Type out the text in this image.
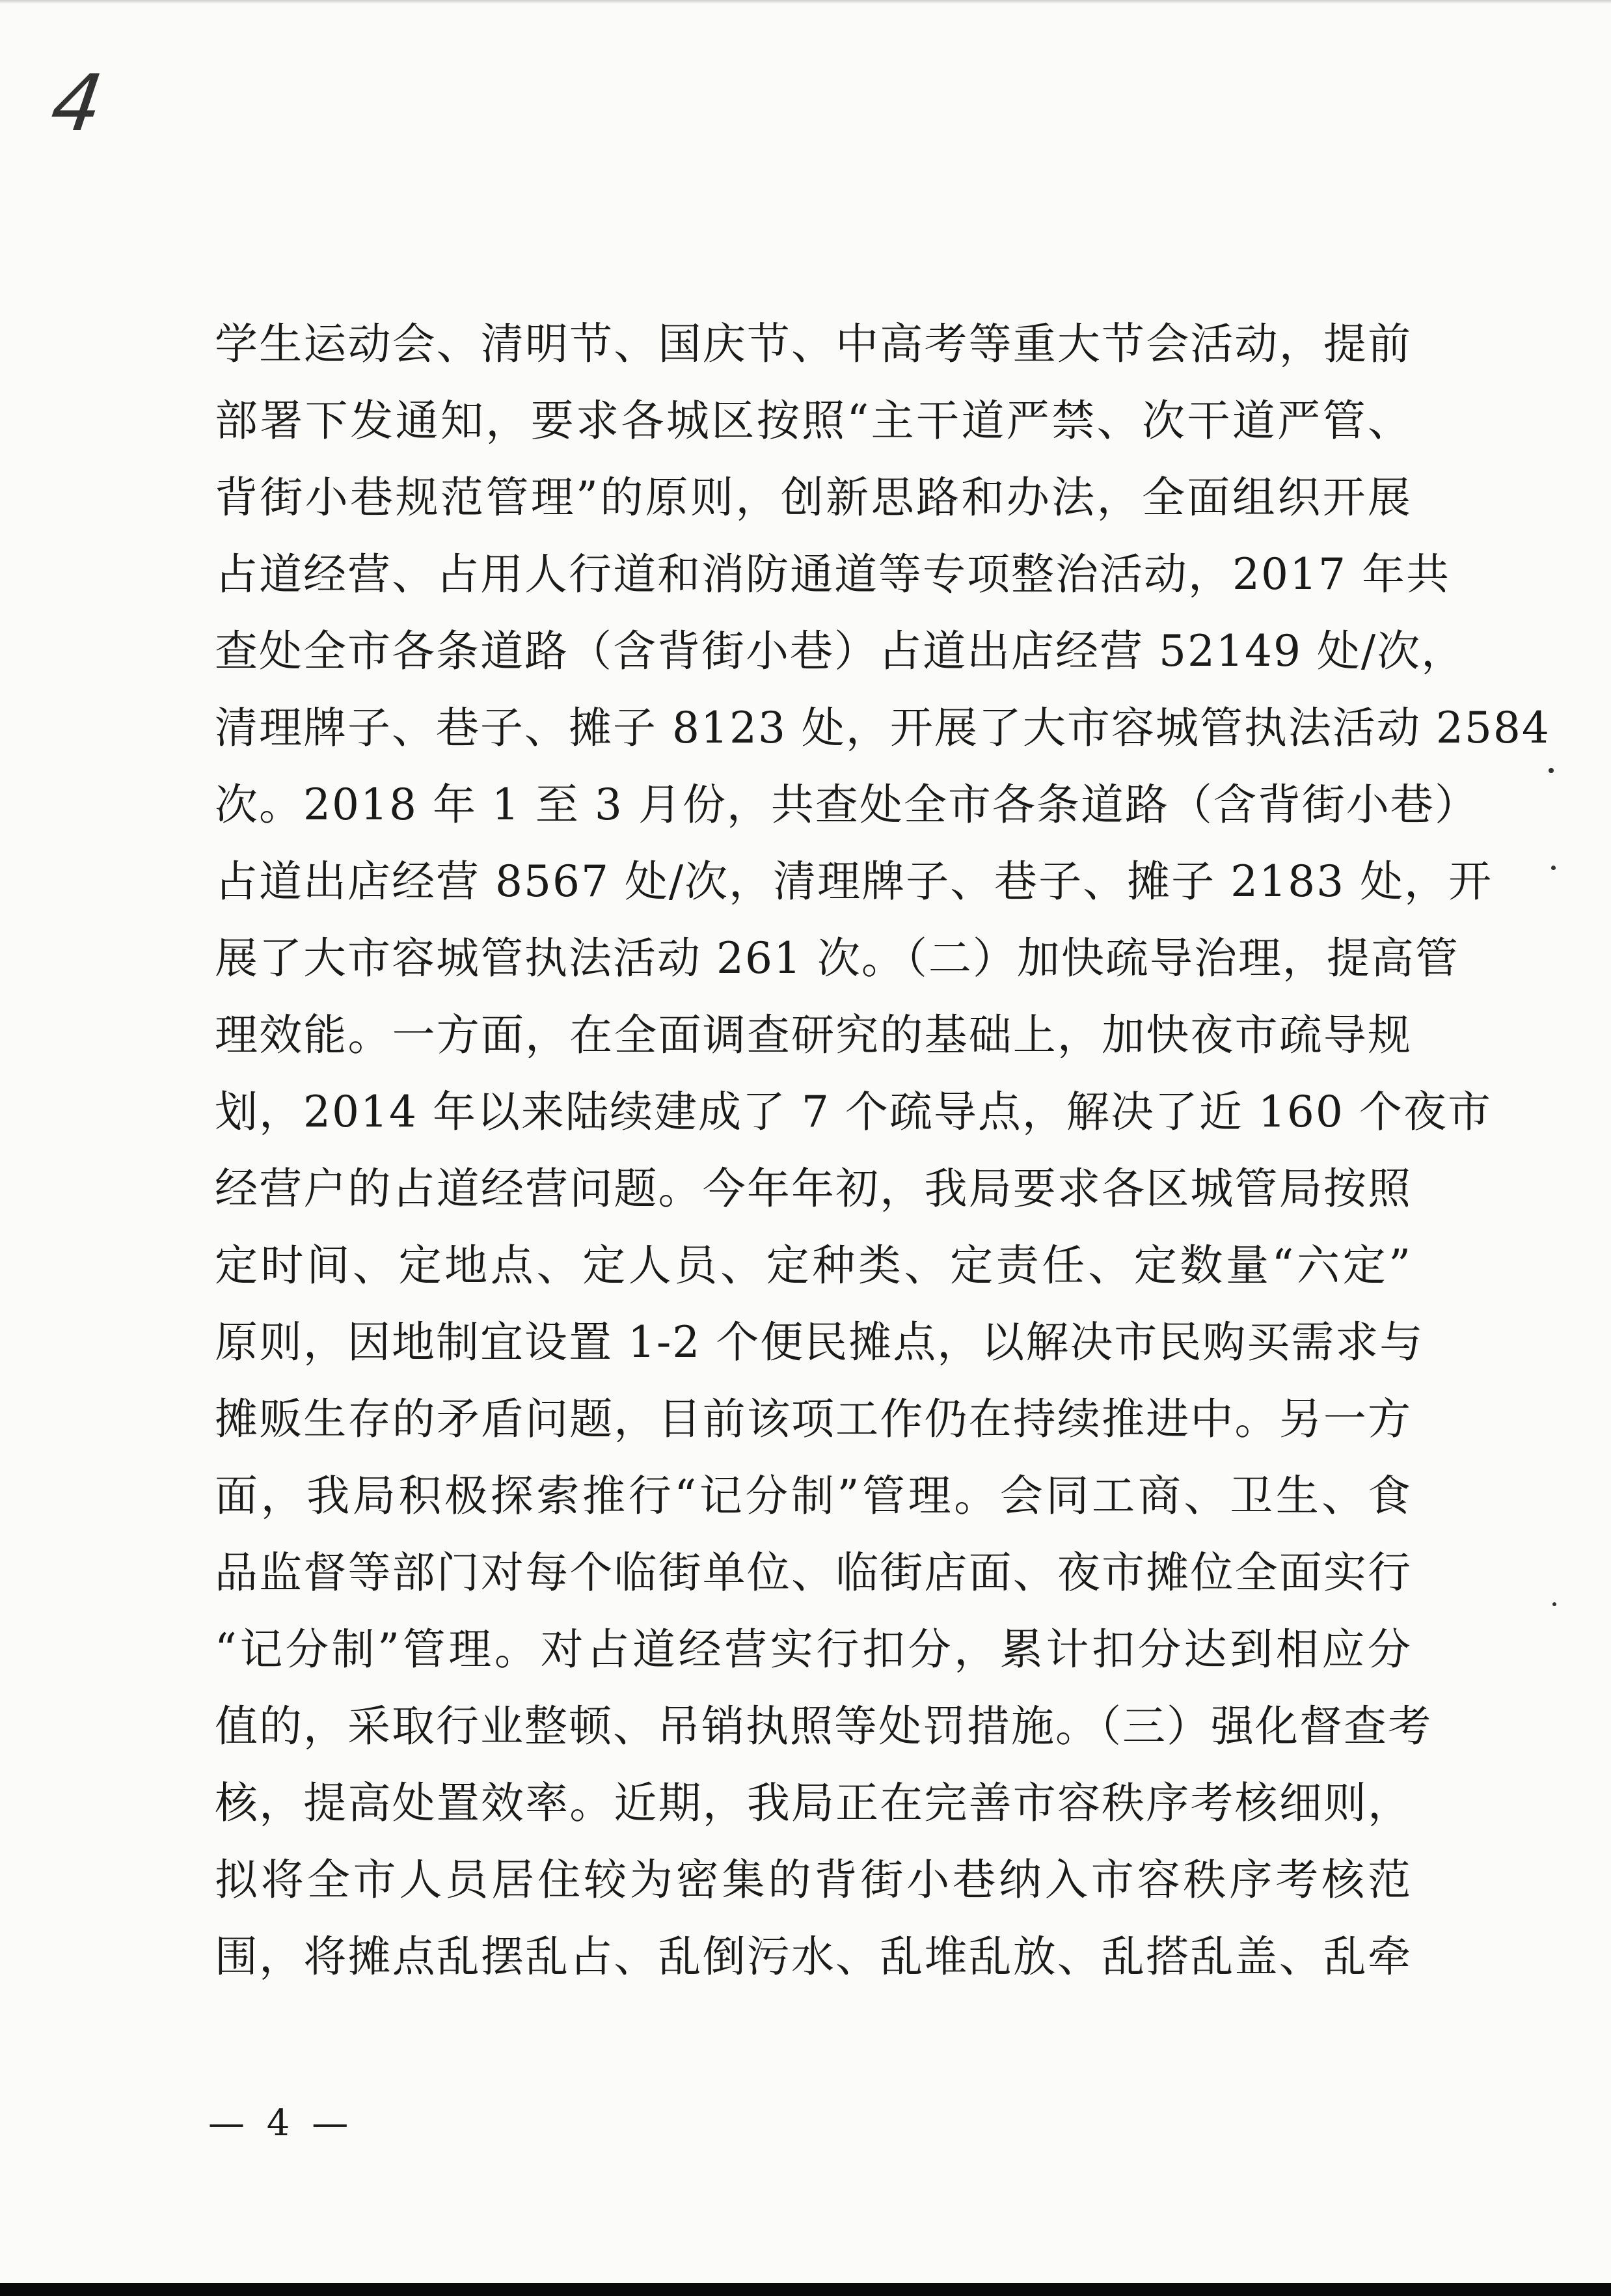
4
学生运动会、清明节、国庆节、中高考等重大节会活动，提前
部署下发通知，要求各城区按照“主干道严禁、次干道严管、
背街小巷规范管理”的原则，创新思路和办法，全面组织开展
占道经营、占用人行道和消防通道等专项整治活动，2017 年共
查处全市各条道路（含背街小巷）占道出店经营 52149 处/次，
清理牌子、巷子、摊子 8123 处，开展了大市容城管执法活动 2584
次。2018 年 1 至 3 月份，共查处全市各条道路（含背街小巷）
占道出店经营 8567 处/次，清理牌子、巷子、摊子 2183 处，开
展了大市容城管执法活动 261 次。（二）加快疏导治理，提高管
理效能。一方面，在全面调查研究的基础上，加快夜市疏导规
划，2014 年以来陆续建成了 7 个疏导点，解决了近 160 个夜市
经营户的占道经营问题。今年年初，我局要求各区城管局按照
定时间、定地点、定人员、定种类、定责任、定数量“六定”
原则，因地制宜设置 1-2 个便民摊点，以解决市民购买需求与
摊贩生存的矛盾问题，目前该项工作仍在持续推进中。另一方
面，我局积极探索推行“记分制”管理。会同工商、卫生、食
品监督等部门对每个临街单位、临街店面、夜市摊位全面实行
“记分制”管理。对占道经营实行扣分，累计扣分达到相应分
值的，采取行业整顿、吊销执照等处罚措施。（三）强化督查考
核，提高处置效率。近期，我局正在完善市容秩序考核细则，
拟将全市人员居住较为密集的背街小巷纳入市容秩序考核范
围，将摊点乱摆乱占、乱倒污水、乱堆乱放、乱搭乱盖、乱牵
— 4 —
